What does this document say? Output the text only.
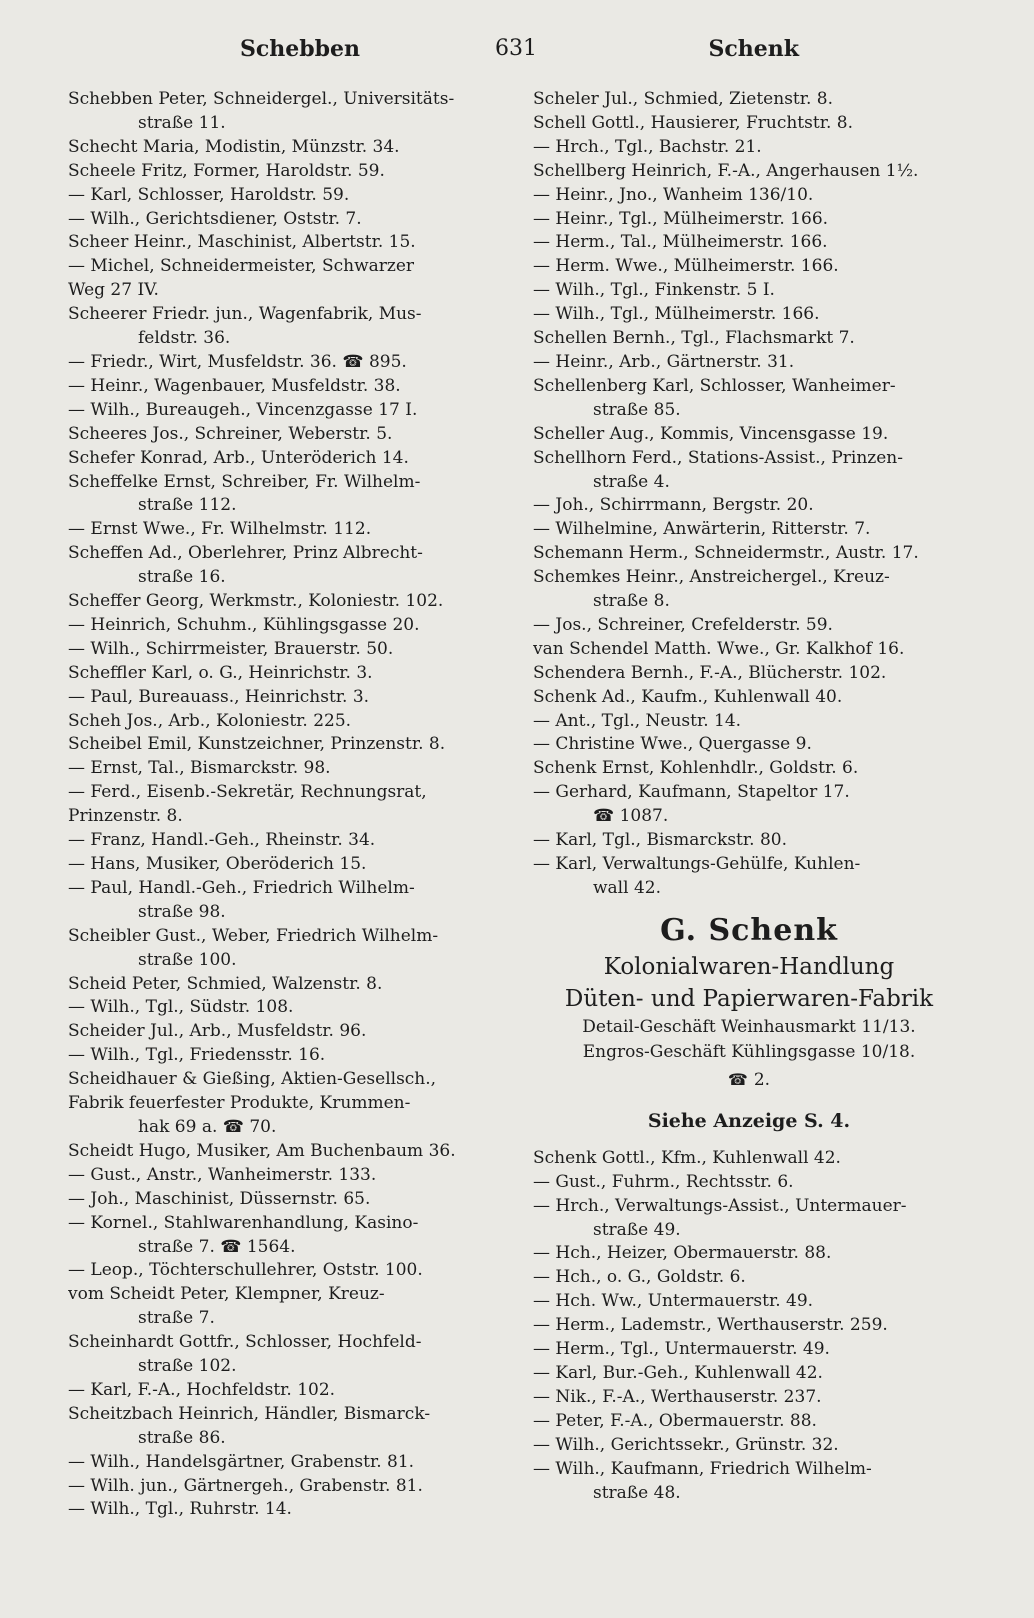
Schebben	631	Schenk
Schebben Peter, Schneidergel., Universitäts-
straße 11.
Schecht Maria, Modistin, Münzstr. 34.
Scheele Fritz, Former, Haroldstr. 59.
— Karl, Schlosser, Haroldstr. 59.
— Wilh., Gerichtsdiener, Oststr. 7.
Scheer Heinr., Maschinist, Albertstr. 15.
— Michel, Schneidermeister, Schwarzer
Weg 27 IV.
Scheerer Friedr. jun., Wagenfabrik, Mus-
feldstr. 36.
— Friedr., Wirt, Musfeldstr. 36. ☎ 895.
— Heinr., Wagenbauer, Musfeldstr. 38.
— Wilh., Bureaugeh., Vincenzgasse 17 I.
Scheeres Jos., Schreiner, Weberstr. 5.
Schefer Konrad, Arb., Unteröderich 14.
Scheffelke Ernst, Schreiber, Fr. Wilhelm-
straße 112.
— Ernst Wwe., Fr. Wilhelmstr. 112.
Scheffen Ad., Oberlehrer, Prinz Albrecht-
straße 16.
Scheffer Georg, Werkmstr., Koloniestr. 102.
— Heinrich, Schuhm., Kühlingsgasse 20.
— Wilh., Schirrmeister, Brauerstr. 50.
Scheffler Karl, o. G., Heinrichstr. 3.
— Paul, Bureauass., Heinrichstr. 3.
Scheh Jos., Arb., Koloniestr. 225.
Scheibel Emil, Kunstzeichner, Prinzenstr. 8.
— Ernst, Tal., Bismarckstr. 98.
— Ferd., Eisenb.-Sekretär, Rechnungsrat,
Prinzenstr. 8.
— Franz, Handl.-Geh., Rheinstr. 34.
— Hans, Musiker, Oberöderich 15.
— Paul, Handl.-Geh., Friedrich Wilhelm-
straße 98.
Scheibler Gust., Weber, Friedrich Wilhelm-
straße 100.
Scheid Peter, Schmied, Walzenstr. 8.
— Wilh., Tgl., Südstr. 108.
Scheider Jul., Arb., Musfeldstr. 96.
— Wilh., Tgl., Friedensstr. 16.
Scheidhauer & Gießing, Aktien-Gesellsch.,
Fabrik feuerfester Produkte, Krummen-
hak 69 a. ☎ 70.
Scheidt Hugo, Musiker, Am Buchenbaum 36.
— Gust., Anstr., Wanheimerstr. 133.
— Joh., Maschinist, Düssernstr. 65.
— Kornel., Stahlwarenhandlung, Kasino-
straße 7. ☎ 1564.
— Leop., Töchterschullehrer, Oststr. 100.
vom Scheidt Peter, Klempner, Kreuz-
straße 7.
Scheinhardt Gottfr., Schlosser, Hochfeld-
straße 102.
— Karl, F.-A., Hochfeldstr. 102.
Scheitzbach Heinrich, Händler, Bismarck-
straße 86.
— Wilh., Handelsgärtner, Grabenstr. 81.
— Wilh. jun., Gärtnergeh., Grabenstr. 81.
— Wilh., Tgl., Ruhrstr. 14.
Scheler Jul., Schmied, Zietenstr. 8.
Schell Gottl., Hausierer, Fruchtstr. 8.
— Hrch., Tgl., Bachstr. 21.
Schellberg Heinrich, F.-A., Angerhausen 1½.
— Heinr., Jno., Wanheim 136/10.
— Heinr., Tgl., Mülheimerstr. 166.
— Herm., Tal., Mülheimerstr. 166.
— Herm. Wwe., Mülheimerstr. 166.
— Wilh., Tgl., Finkenstr. 5 I.
— Wilh., Tgl., Mülheimerstr. 166.
Schellen Bernh., Tgl., Flachsmarkt 7.
— Heinr., Arb., Gärtnerstr. 31.
Schellenberg Karl, Schlosser, Wanheimer-
straße 85.
Scheller Aug., Kommis, Vincensgasse 19.
Schellhorn Ferd., Stations-Assist., Prinzen-
straße 4.
— Joh., Schirrmann, Bergstr. 20.
— Wilhelmine, Anwärterin, Ritterstr. 7.
Schemann Herm., Schneidermstr., Austr. 17.
Schemkes Heinr., Anstreichergel., Kreuz-
straße 8.
— Jos., Schreiner, Crefelderstr. 59.
van Schendel Matth. Wwe., Gr. Kalkhof 16.
Schendera Bernh., F.-A., Blücherstr. 102.
Schenk Ad., Kaufm., Kuhlenwall 40.
— Ant., Tgl., Neustr. 14.
— Christine Wwe., Quergasse 9.
Schenk Ernst, Kohlenhdlr., Goldstr. 6.
— Gerhard, Kaufmann, Stapeltor 17.
☎ 1087.
— Karl, Tgl., Bismarckstr. 80.
— Karl, Verwaltungs-Gehülfe, Kuhlen-
wall 42.
G. Schenk
Kolonialwaren-Handlung
Düten- und Papierwaren-Fabrik
Detail-Geschäft Weinhausmarkt 11/13.
Engros-Geschäft Kühlingsgasse 10/18.
☎ 2.
Siehe Anzeige S. 4.
Schenk Gottl., Kfm., Kuhlenwall 42.
— Gust., Fuhrm., Rechtsstr. 6.
— Hrch., Verwaltungs-Assist., Untermauer-
straße 49.
— Hch., Heizer, Obermauerstr. 88.
— Hch., o. G., Goldstr. 6.
— Hch. Ww., Untermauerstr. 49.
— Herm., Lademstr., Werthauserstr. 259.
— Herm., Tgl., Untermauerstr. 49.
— Karl, Bur.-Geh., Kuhlenwall 42.
— Nik., F.-A., Werthauserstr. 237.
— Peter, F.-A., Obermauerstr. 88.
— Wilh., Gerichtssekr., Grünstr. 32.
— Wilh., Kaufmann, Friedrich Wilhelm-
straße 48.
